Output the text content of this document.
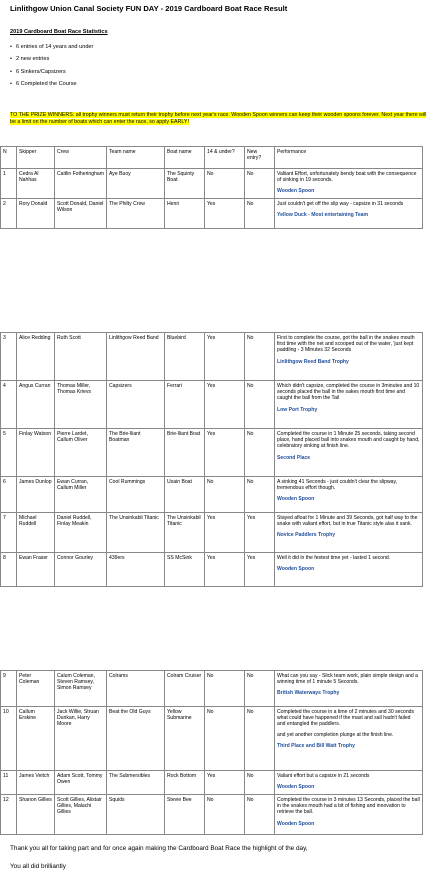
Linlithgow Union Canal Society FUN DAY - 2019 Cardboard Boat Race Result
2019 Cardboard Boat Race Statistics
• 6 entries of 14 years and under
• 2 new entries
• 6 Sinkers/Capsizers
• 6 Completed the Course
TO THE PRIZE WINNERS: all trophy winners must return their trophy before next year's race. Wooden Spoon winners can keep their wooden spoons forever. Next year there will be a limit on the number of boats which can enter the race, so apply EARLY!
N	Skipper	Crew	Team name	Boat name	14 & under?	New entry?	Performance
1	Cedra Al Nahhas	Caitlin Fotheringham	Aye Buoy	The Squinty Boat	No	No	Valiiant Effort, unfortunately bendy boat with the consequence of sinking in 19 seconds.
Wooden Spoon

2	Rory Donald	Scott Donald, Daniel Wilson	The Philty Crew	Henri	Yes	No	Just couldn't get off the slip way - capsize in 31 seconds
Yellow Duck - Most entertaining Team
3	Alice Redding	Ruth Scott	Linlithgow Reed Band	Bluebird	Yes	No	First to complete the course, got the ball in the snakes mouth first time with the net and scooped out of the water, 'just kept paddling - 3 Minutes 32 Seconds
Linlithgow Reed Band Trophy

4	Angus Curran	Thomas Miller, Thomas Krievs	Capsizers	Ferrari	Yes	No	Which didn't capsize, completed the course in 3minutes and 10 seconds placed the ball in the sakes mouth first time and caught the ball from the Tail
Low Port Trophy

5	Finlay Watson	Pierre Lardet, Callum Oliver	The Brie-lliant Boatman	Brie-lliant Boat	Yes	No	Completed the course in 1 Minute 25 seconds, taking second place, hand placed ball into snakes mouth and caught by hand, celebratory sinking at finish line.
Second Place

6	James Dunlop	Ewan Curran, Callum Miller	Cool Rummings	Usain Boat	No	No	A sinking 41 Seconds - just couldn't clear the slipway, tremendous effort though.
Wooden Spoon

7	Michael Ruddell	Daniel Ruddell, Finlay Meakin	The Unsinkabil Titanic	The Unsinkabil Titanic	Yes	Yes	Stayed afloat for 1 Minute and 39 Seconds, got half way to the snake with valiant effort, but in true Titanic style alas it sank.
Novice Paddlers Trophy

8	Ewan Fraser	Connor Gourley	439ers	SS McSink	Yes	Yes	Well it did in the festest time yet - lasted 1 second.
Wooden Spoon
9	Peter Coleman	Calum Coleman, Steven Ramsey, Simon Ramsey	Colrams	Colram Cruiser	No	No	What can you say - Slick team work, plain simple design and a winning time of 1 minute 5 Seconds.
British Waterways Trophy

10	Callum Erskine	Jack Willie, Struan Dunkan, Harry Moore	Beat the Old Guys	Yellow Submarine	No	No	Completed the course in a time of 2 minutes and 30 seconds what could have happened if the mast and sail hadn't failed and entangled the paddlers.
and yet another completion plunge at the finish line.
Third Place and Bill Watt Trophy

11	James Veitch	Adam Scott, Tommy Owen	The Submersibles	Rock Bottom	Yes	No	Valiant effort but a capsize in 21 seconds
Wooden Spoon

12	Shanon Gillies	Scott Gillies, Alistair Gillies, Malachi Gillies	Squids	Stevie Bee	No	No	Completed the course in 3 minutes 13 Seconds, placed the ball in the snakes mouth had a bit of fishing and innovation to retrieve the ball.
Wooden Spoon
Thank you all for taking part and for once again making the Cardboard Boat Race the highlight of the day,
You all did brilliantly
